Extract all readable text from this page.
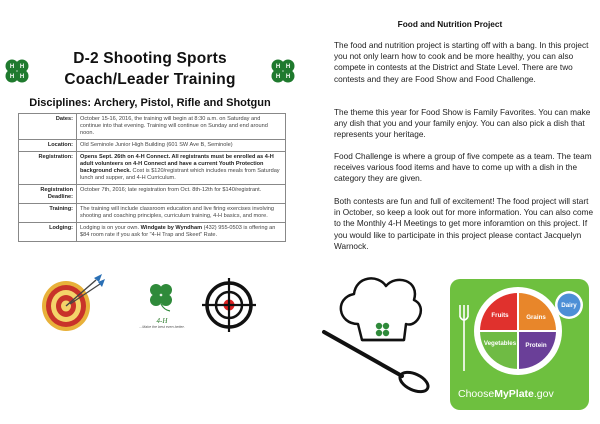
H H
H H
D-2 Shooting Sports
Coach/Leader Training
H H
H H
Disciplines: Archery, Pistol, Rifle and Shotgun
Dates:	October 15-16, 2016, the training will begin at 8:30 a.m. on Saturday and continue into that evening. Training will continue on Sunday and end around noon.
Location:	Old Seminole Junior High Building (601 SW Ave B, Seminole)
Registration:	Opens Sept. 26th on 4-H Connect. All registrants must be enrolled as 4-H adult volunteers on 4-H Connect and have a current Youth Protection background check. Cost is $120/registrant which includes meals from Saturday lunch and supper, and 4-H Curriculum.
Registration Deadline:	October 7th, 2016; late registration from Oct. 8th-12th for $140/registrant.
Training:	The training will include classroom education and live firing exercises involving shooting and coaching principles, curriculum training, 4-H basics, and more.
Lodging:	Lodging is on your own. Windgate by Wyndham (432) 955-0503 is offering an $84 room rate if you ask for "4-H Trap and Skeet" Rate.
4-H
...Make the best even better.
Food and Nutrition Project

The food and nutrition project is starting off with a bang. In this project you not only learn how to cook and be more healthy, you can also compete in contests at the District and State Level. There are two contests and they are Food Show and Food Challenge.

The theme this year for Food Show is Family Favorites. You can make any dish that you and your family enjoy. You can also pick a dish that represents your heritage.

Food Challenge is where a group of five compete as a team. The team receives various food items and have to come up with a dish in the category they are given.

Both contests are fun and full of excitement! The food project will start in October, so keep a look out for more information. You can also come to the Monthly 4-H Meetings to get more inforamtion on this project. If you would like to participate in this project please contact Jacquelyn Warnock.

Fruits	Grains
Vegetables Protein
Dairy
ChooseMyPlate.gov
